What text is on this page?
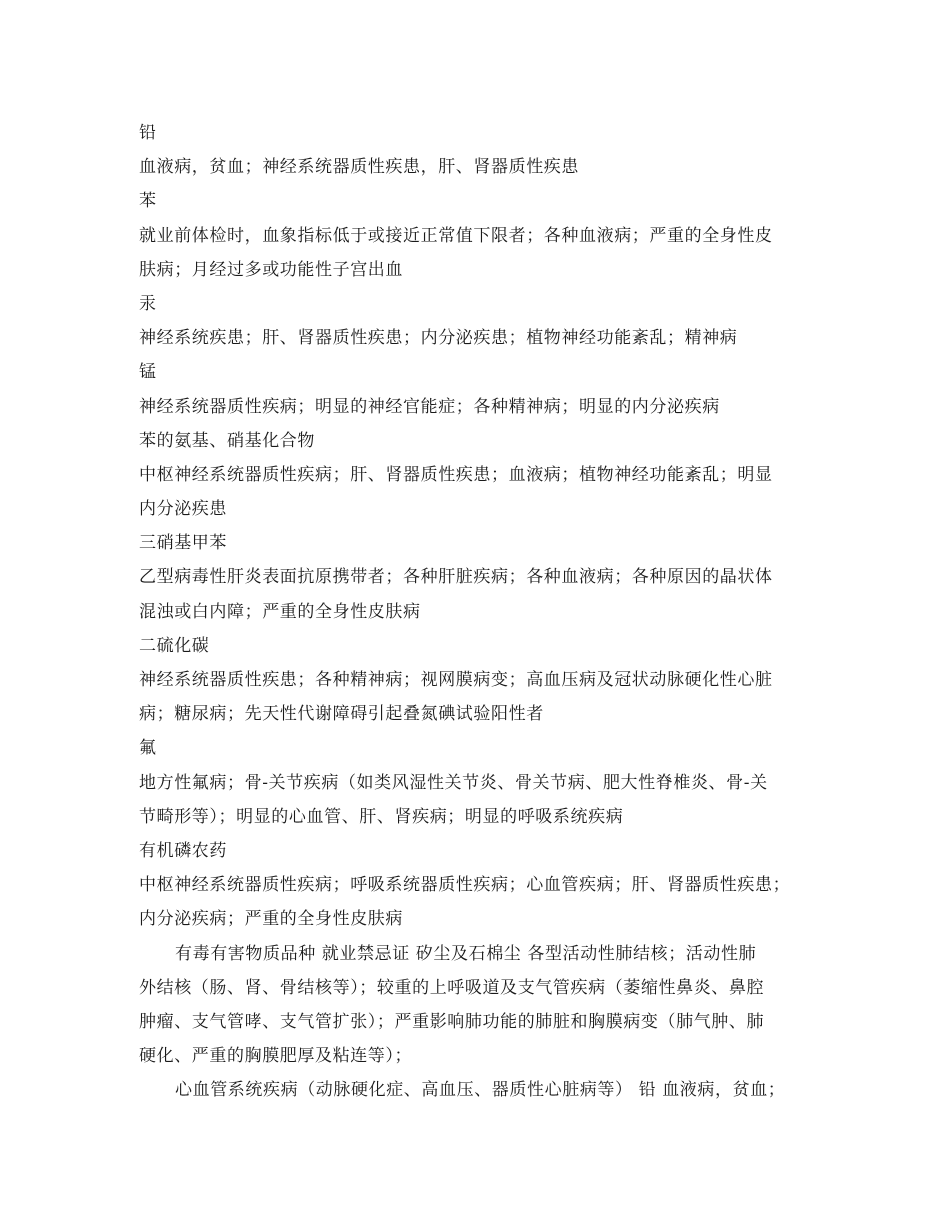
铅
血液病，贫血；神经系统器质性疾患，肝、肾器质性疾患
苯
就业前体检时，血象指标低于或接近正常值下限者；各种血液病；严重的全身性皮
肤病；月经过多或功能性子宫出血
汞
神经系统疾患；肝、肾器质性疾患；内分泌疾患；植物神经功能紊乱；精神病
锰
神经系统器质性疾病；明显的神经官能症；各种精神病；明显的内分泌疾病
苯的氨基、硝基化合物
中枢神经系统器质性疾病；肝、肾器质性疾患；血液病；植物神经功能紊乱；明显
内分泌疾患
三硝基甲苯
乙型病毒性肝炎表面抗原携带者；各种肝脏疾病；各种血液病；各种原因的晶状体
混浊或白内障；严重的全身性皮肤病
二硫化碳
神经系统器质性疾患；各种精神病；视网膜病变；高血压病及冠状动脉硬化性心脏
病；糖尿病；先天性代谢障碍引起叠氮碘试验阳性者
氟
地方性氟病；骨-关节疾病（如类风湿性关节炎、骨关节病、肥大性脊椎炎、骨-关
节畸形等）；明显的心血管、肝、肾疾病；明显的呼吸系统疾病
有机磷农药
中枢神经系统器质性疾病；呼吸系统器质性疾病；心血管疾病；肝、肾器质性疾患；
内分泌疾病；严重的全身性皮肤病
有毒有害物质品种 就业禁忌证 矽尘及石棉尘 各型活动性肺结核；活动性肺
外结核（肠、肾、骨结核等）；较重的上呼吸道及支气管疾病（萎缩性鼻炎、鼻腔
肿瘤、支气管哮、支气管扩张）；严重影响肺功能的肺脏和胸膜病变（肺气肿、肺
硬化、严重的胸膜肥厚及粘连等）；
心血管系统疾病（动脉硬化症、高血压、器质性心脏病等） 铅 血液病，贫血；
